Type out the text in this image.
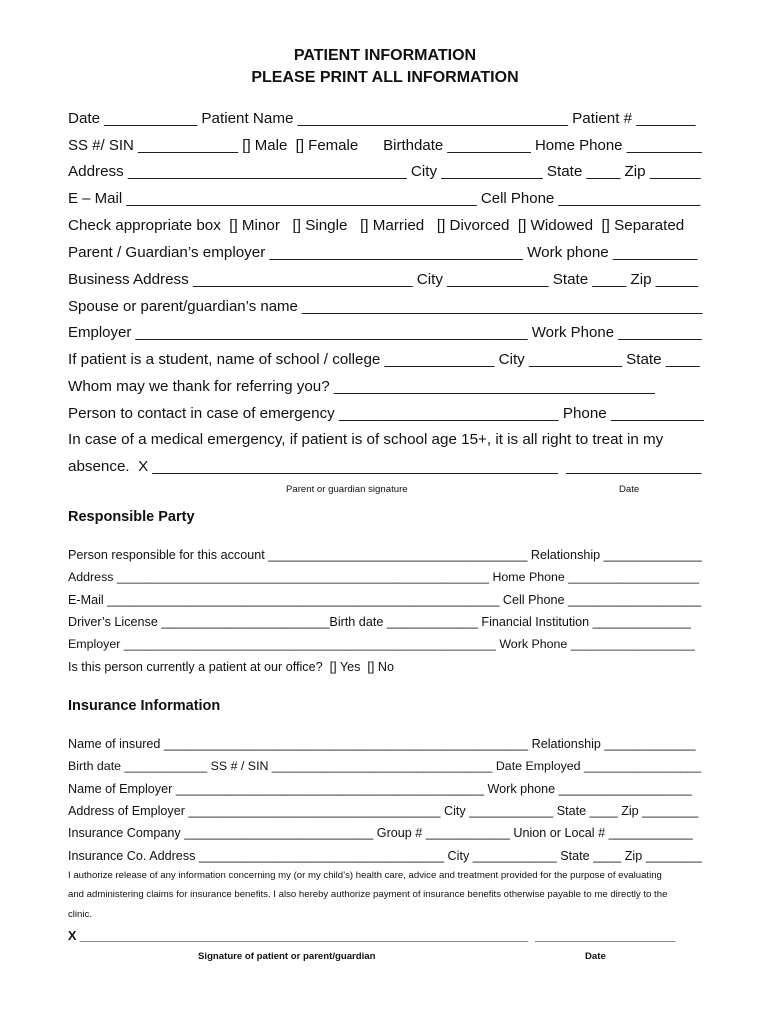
PATIENT INFORMATION
PLEASE PRINT ALL INFORMATION
Date ___________ Patient Name ________________________________ Patient # _______
SS #/ SIN ____________ [] Male  [] Female      Birthdate __________ Home Phone _________
Address _________________________________ City ____________ State ____ Zip ______
E – Mail __________________________________________ Cell Phone _________________
Check appropriate box  [] Minor   [] Single   [] Married   [] Divorced  [] Widowed  [] Separated
Parent / Guardian’s employer ______________________________ Work phone __________
Business Address __________________________ City ____________ State ____ Zip _____
Spouse or parent/guardian’s name ________________________________________________
Employer _______________________________________________ Work Phone __________
If patient is a student, name of school / college _____________ City ___________ State ____
Whom may we thank for referring you? ______________________________________
Person to contact in case of emergency __________________________ Phone ___________
In case of a medical emergency, if patient is of school age 15+, it is all right to treat in my
absence.  X ________________________________________________  ________________
Parent or guardian signature	Date
Responsible Party
Person responsible for this account _____________________________________ Relationship ______________
Address ______________________________________________________ Home Phone ___________________
E-Mail ________________________________________________________ Cell Phone ___________________
Driver’s License ________________________Birth date _____________ Financial Institution ______________
Employer ______________________________________________________ Work Phone __________________
Is this person currently a patient at our office?  [] Yes  [] No
Insurance Information
Name of insured ____________________________________________________ Relationship _____________
Birth date ____________ SS # / SIN ________________________________ Date Employed _________________
Name of Employer ____________________________________________ Work phone ___________________
Address of Employer ____________________________________ City ____________ State ____ Zip ________
Insurance Company ___________________________ Group # ____________ Union or Local # ____________
Insurance Co. Address ___________________________________ City ____________ State ____ Zip ________
I authorize release of any information concerning my (or my child’s) health care, advice and treatment provided for the purpose of evaluating
and administering claims for insurance benefits. I also hereby authorize payment of insurance benefits otherwise payable to me directly to the
clinic.
X ________________________________________________________________  ____________________
Signature of patient or parent/guardian	Date
